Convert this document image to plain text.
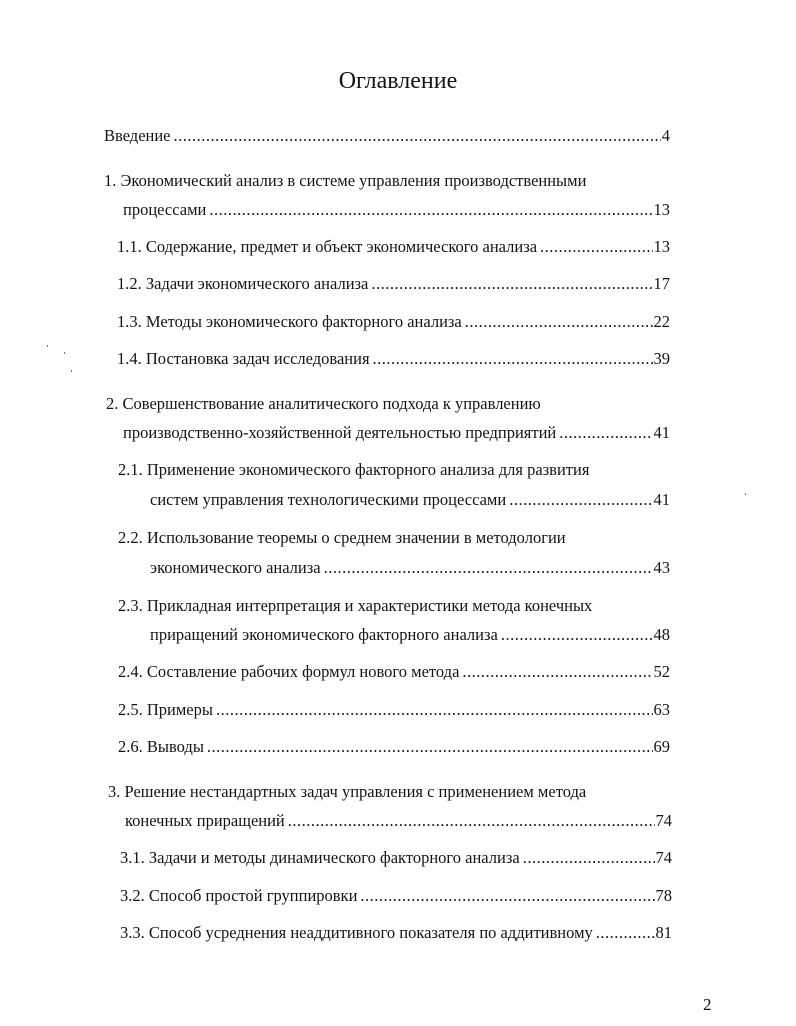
Оглавление
Введение .....	4
1. Экономический анализ в системе управления производственными
процессами .....	13
1.1. Содержание, предмет и объект экономического анализа .....	13
1.2. Задачи экономического анализа .....	17
1.3. Методы экономического факторного анализа .....	22
1.4. Постановка задач исследования .....	39
2. Совершенствование аналитического подхода к управлению
производственно-хозяйственной деятельностью предприятий .....	41
2.1. Применение экономического факторного анализа для развития
систем управления технологическими процессами .....	41
2.2. Использование теоремы о среднем значении в методологии
экономического анализа .....	43
2.3. Прикладная интерпретация и характеристики метода конечных
приращений экономического факторного анализа .....	48
2.4. Составление рабочих формул нового метода .....	52
2.5. Примеры .....	63
2.6. Выводы .....	69
3. Решение нестандартных задач управления с применением метода
конечных приращений .....	74
3.1. Задачи и методы динамического факторного анализа .....	74
3.2. Способ простой группировки .....	78
3.3. Способ усреднения неаддитивного показателя по аддитивному .....	81
2
